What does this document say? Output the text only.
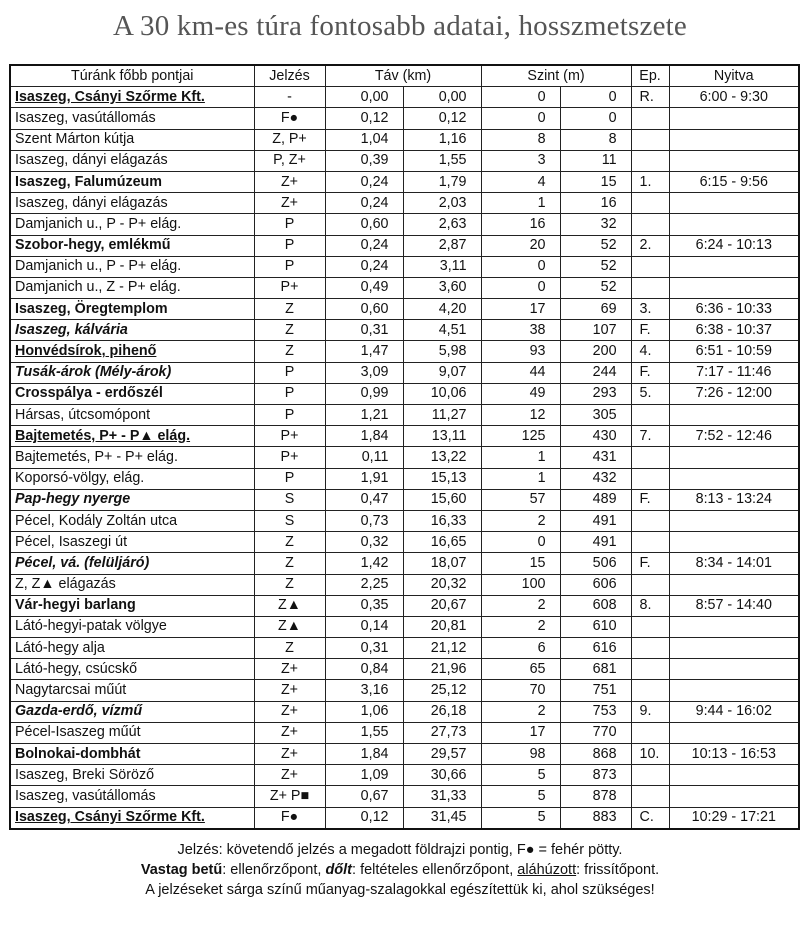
A 30 km-es túra fontosabb adatai, hosszmetszete
Túránk főbb pontjai	Jelzés	Táv (km)		Szint (m)		Ep.	Nyitva
Isaszeg, Csányi Szőrme Kft.	-	0,00	0,00	0	0	R.	6:00 - 9:30
Isaszeg, vasútállomás	F●	0,12	0,12	0	0		
Szent Márton kútja	Z, P+	1,04	1,16	8	8		
Isaszeg, dányi elágazás	P, Z+	0,39	1,55	3	11		
Isaszeg, Falumúzeum	Z+	0,24	1,79	4	15	1.	6:15 - 9:56
Isaszeg, dányi elágazás	Z+	0,24	2,03	1	16		
Damjanich u., P - P+ elág.	P	0,60	2,63	16	32		
Szobor-hegy, emlékmű	P	0,24	2,87	20	52	2.	6:24 - 10:13
Damjanich u., P - P+ elág.	P	0,24	3,11	0	52		
Damjanich u., Z - P+ elág.	P+	0,49	3,60	0	52		
Isaszeg, Öregtemplom	Z	0,60	4,20	17	69	3.	6:36 - 10:33
Isaszeg, kálvária	Z	0,31	4,51	38	107	F.	6:38 - 10:37
Honvédsírok, pihenő	Z	1,47	5,98	93	200	4.	6:51 - 10:59
Tusák-árok (Mély-árok)	P	3,09	9,07	44	244	F.	7:17 - 11:46
Crosspálya - erdőszél	P	0,99	10,06	49	293	5.	7:26 - 12:00
Hársas, útcsomópont	P	1,21	11,27	12	305		
Bajtemetés, P+ - P▲ elág.	P+	1,84	13,11	125	430	7.	7:52 - 12:46
Bajtemetés, P+ - P+ elág.	P+	0,11	13,22	1	431		
Koporsó-völgy, elág.	P	1,91	15,13	1	432		
Pap-hegy nyerge	S	0,47	15,60	57	489	F.	8:13 - 13:24
Pécel, Kodály Zoltán utca	S	0,73	16,33	2	491		
Pécel, Isaszegi út	Z	0,32	16,65	0	491		
Pécel, vá. (felüljáró)	Z	1,42	18,07	15	506	F.	8:34 - 14:01
Z, Z▲ elágazás	Z	2,25	20,32	100	606		
Vár-hegyi barlang	Z▲	0,35	20,67	2	608	8.	8:57 - 14:40
Látó-hegyi-patak völgye	Z▲	0,14	20,81	2	610		
Látó-hegy alja	Z	0,31	21,12	6	616		
Látó-hegy, csúcskő	Z+	0,84	21,96	65	681		
Nagytarcsai műút	Z+	3,16	25,12	70	751		
Gazda-erdő, vízmű	Z+	1,06	26,18	2	753	9.	9:44 - 16:02
Pécel-Isaszeg műút	Z+	1,55	27,73	17	770		
Bolnokai-dombhát	Z+	1,84	29,57	98	868	10.	10:13 - 16:53
Isaszeg, Breki Söröző	Z+	1,09	30,66	5	873		
Isaszeg, vasútállomás	Z+ P■	0,67	31,33	5	878		
Isaszeg, Csányi Szőrme Kft.	F●	0,12	31,45	5	883	C.	10:29 - 17:21
Jelzés: követendő jelzés a megadott földrajzi pontig, F● = fehér pötty.
Vastag betű: ellenőrzőpont, dőlt: feltételes ellenőrzőpont, aláhúzott: frissítőpont.
A jelzéseket sárga színű műanyag-szalagokkal egészítettük ki, ahol szükséges!
